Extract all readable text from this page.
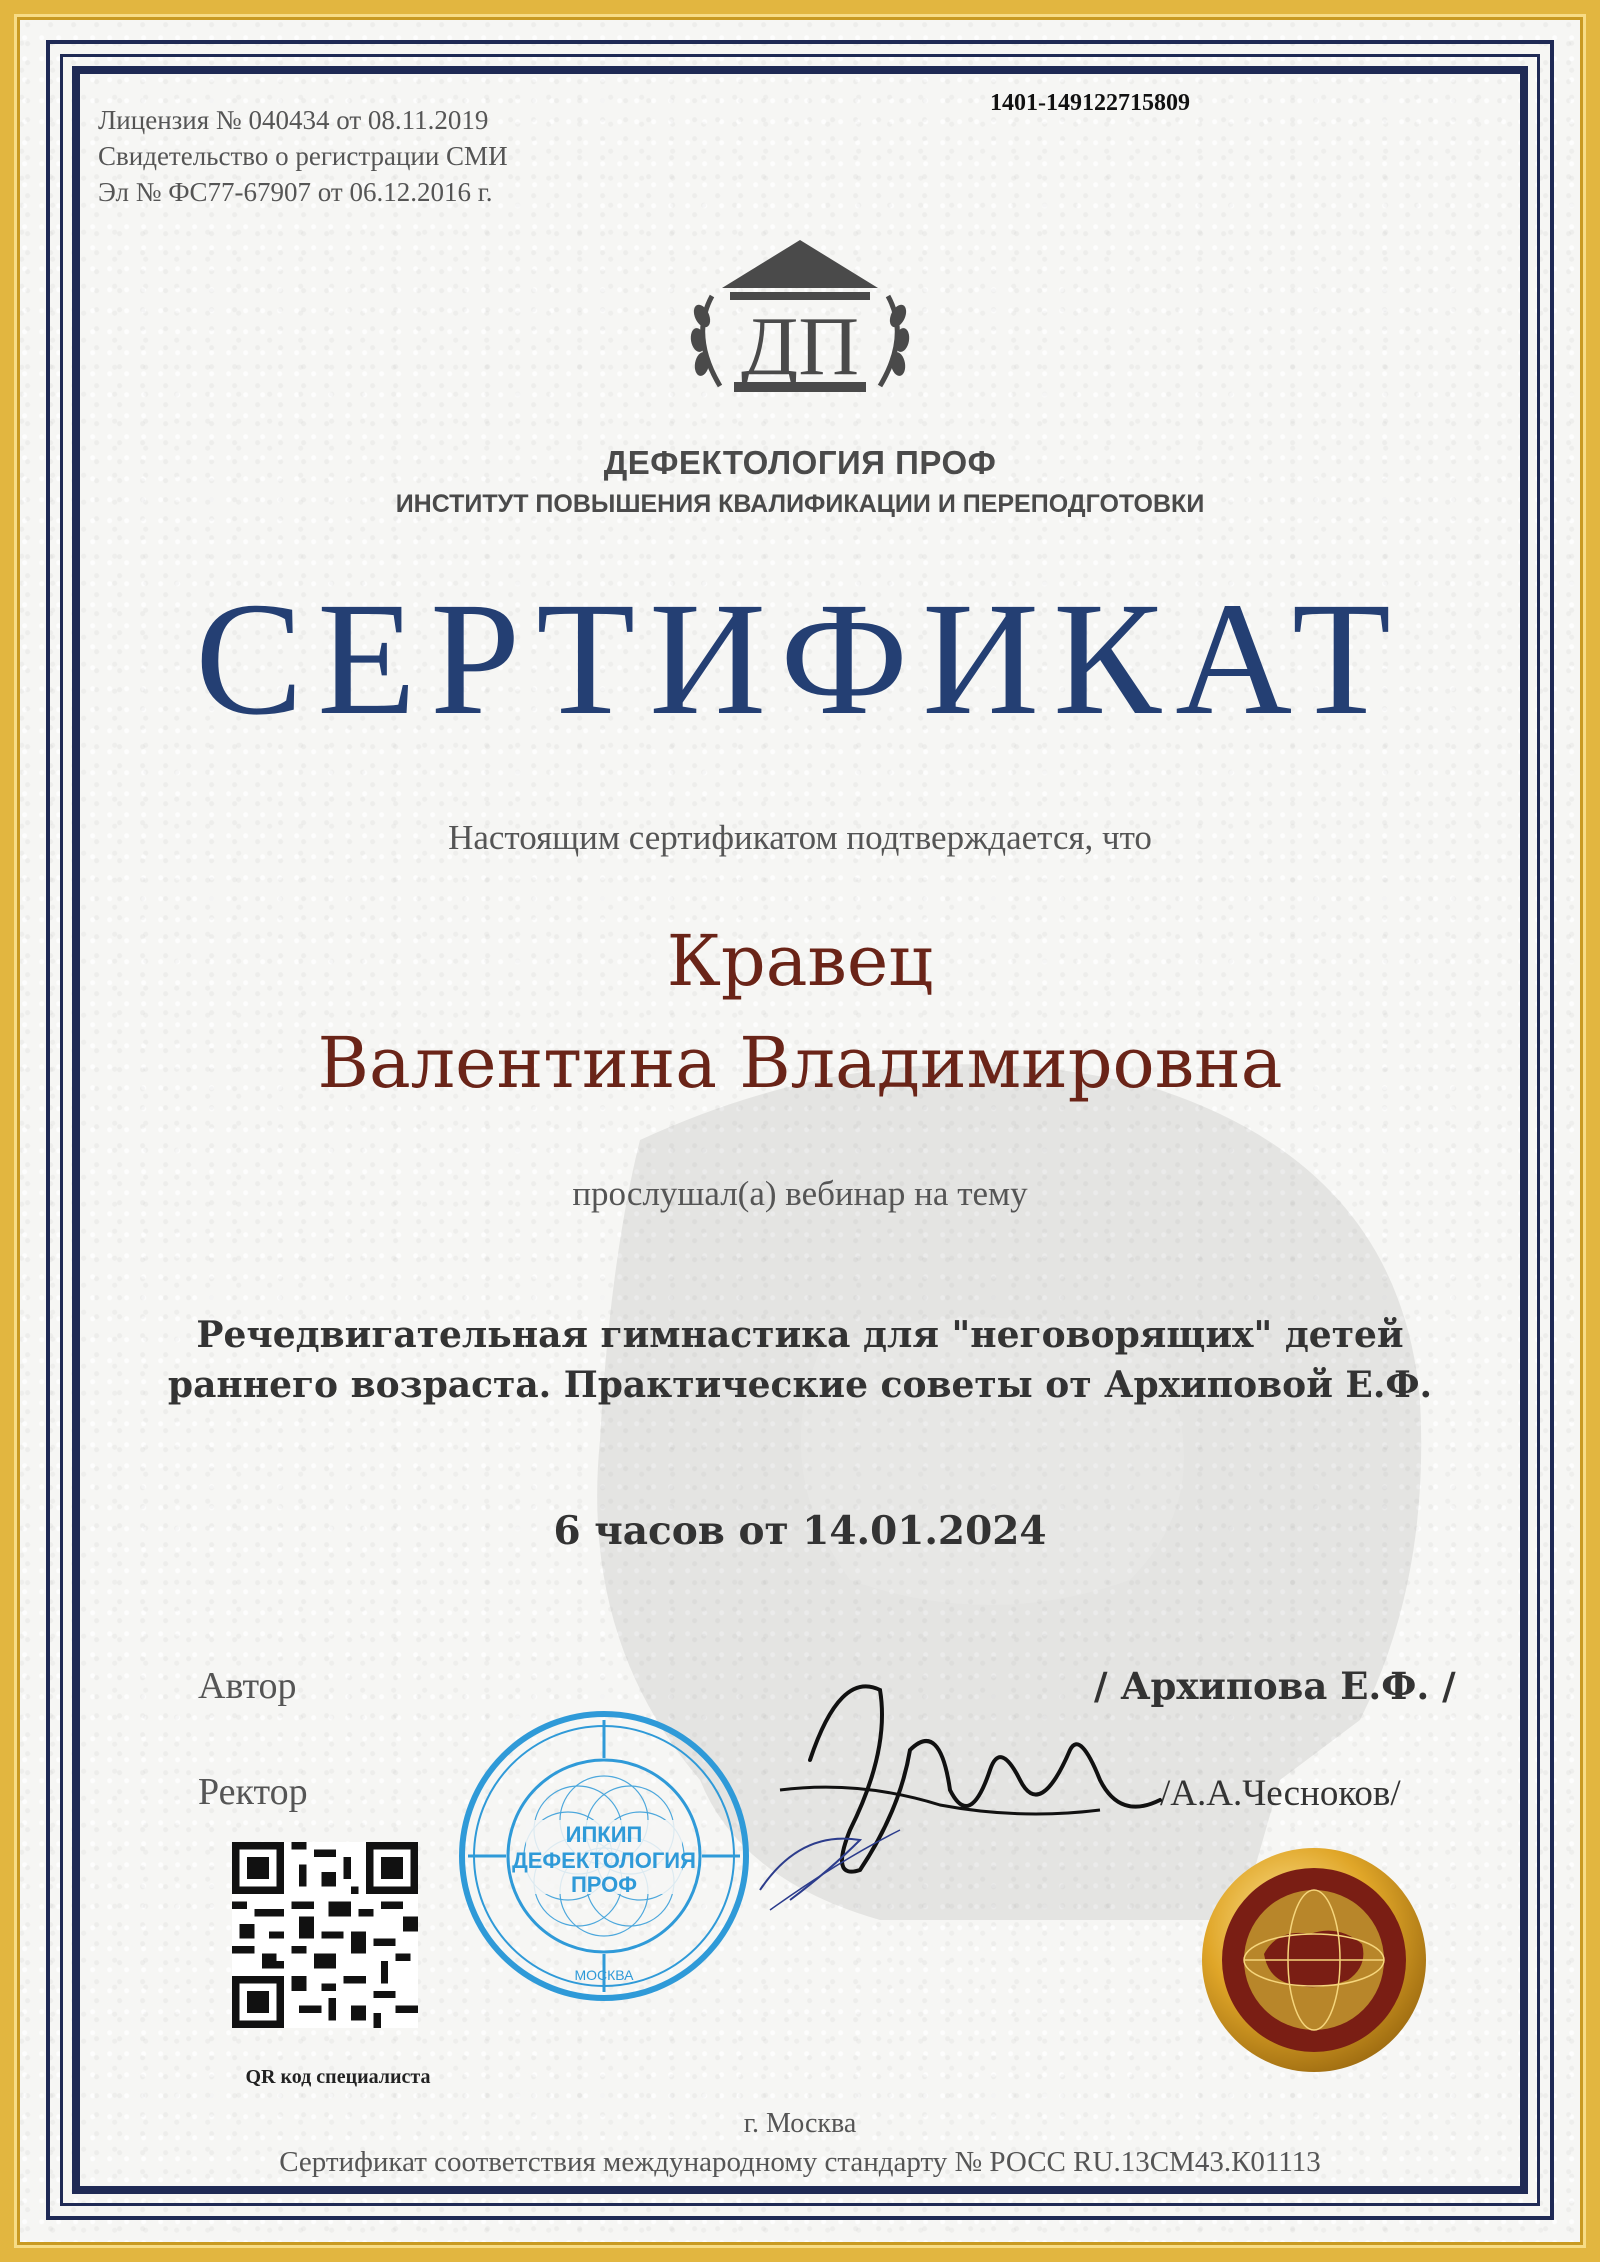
Лицензия № 040434 от 08.11.2019
Свидетельство о регистрации СМИ
Эл № ФС77-67907 от 06.12.2016 г.
1401-149122715809
ДП
ДЕФЕКТОЛОГИЯ ПРОФ
ИНСТИТУТ ПОВЫШЕНИЯ КВАЛИФИКАЦИИ И ПЕРЕПОДГОТОВКИ
СЕРТИФИКАТ
Настоящим сертификатом подтверждается, что
Кравец
Валентина Владимировна
прослушал(а) вебинар на тему
Речедвигательная гимнастика для "неговорящих" детей раннего возраста. Практические советы от Архиповой Е.Ф.
6 часов от 14.01.2024
Автор
Ректор
/ Архипова Е.Ф. /
/А.А.Чесноков/
ИПКИП
ДЕФЕКТОЛОГИЯ
ПРОФ
МОСКВА
QR код специалиста
г. Москва
Сертификат соответствия международному стандарту № РОСС RU.13СМ43.К01113
